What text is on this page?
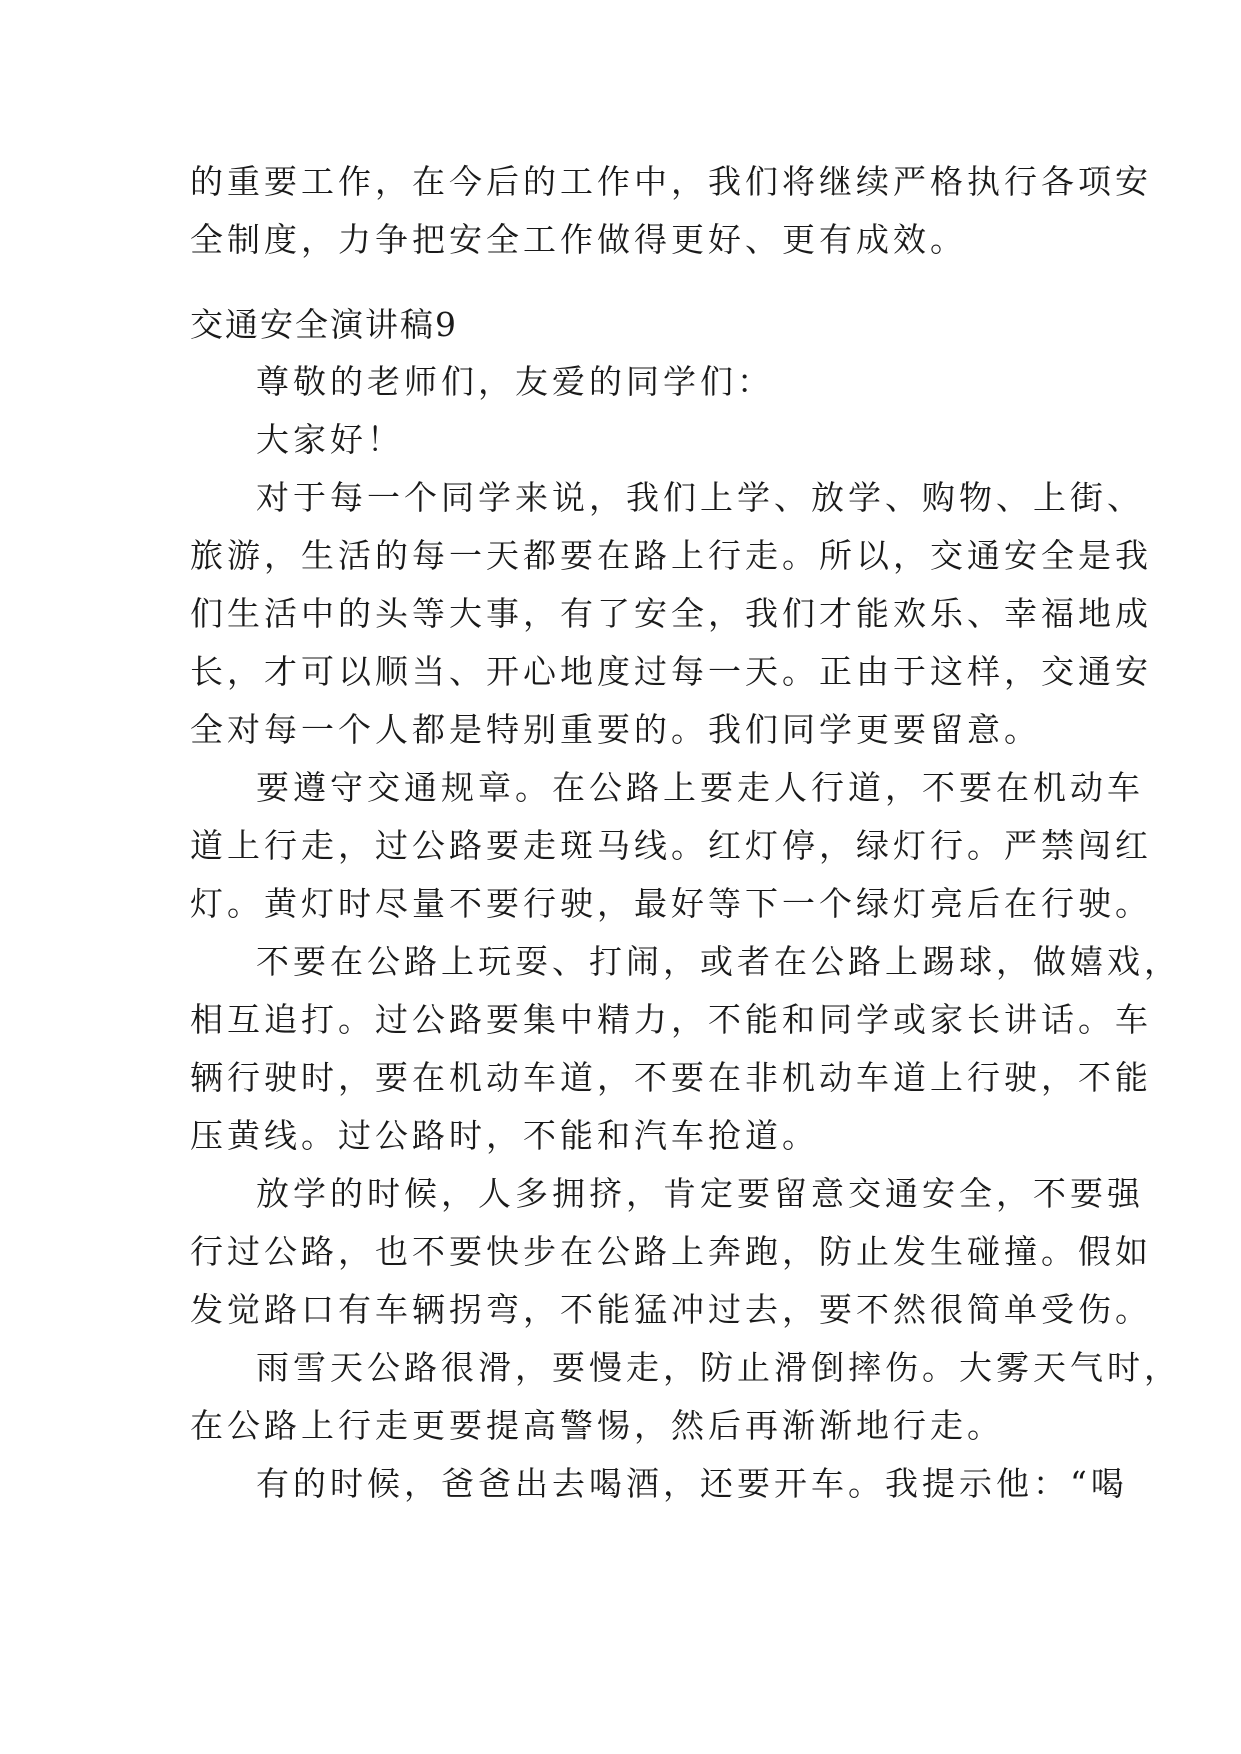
的重要工作，在今后的工作中，我们将继续严格执行各项安
全制度，力争把安全工作做得更好、更有成效。
交通安全演讲稿9
尊敬的老师们，友爱的同学们：
大家好！
对于每一个同学来说，我们上学、放学、购物、上街、
旅游，生活的每一天都要在路上行走。所以，交通安全是我
们生活中的头等大事，有了安全，我们才能欢乐、幸福地成
长，才可以顺当、开心地度过每一天。正由于这样，交通安
全对每一个人都是特别重要的。我们同学更要留意。
要遵守交通规章。在公路上要走人行道，不要在机动车
道上行走，过公路要走斑马线。红灯停，绿灯行。严禁闯红
灯。黄灯时尽量不要行驶，最好等下一个绿灯亮后在行驶。
不要在公路上玩耍、打闹，或者在公路上踢球，做嬉戏，
相互追打。过公路要集中精力，不能和同学或家长讲话。车
辆行驶时，要在机动车道，不要在非机动车道上行驶，不能
压黄线。过公路时，不能和汽车抢道。
放学的时候，人多拥挤，肯定要留意交通安全，不要强
行过公路，也不要快步在公路上奔跑，防止发生碰撞。假如
发觉路口有车辆拐弯，不能猛冲过去，要不然很简单受伤。
雨雪天公路很滑，要慢走，防止滑倒摔伤。大雾天气时，
在公路上行走更要提高警惕，然后再渐渐地行走。
有的时候，爸爸出去喝酒，还要开车。我提示他：“喝
